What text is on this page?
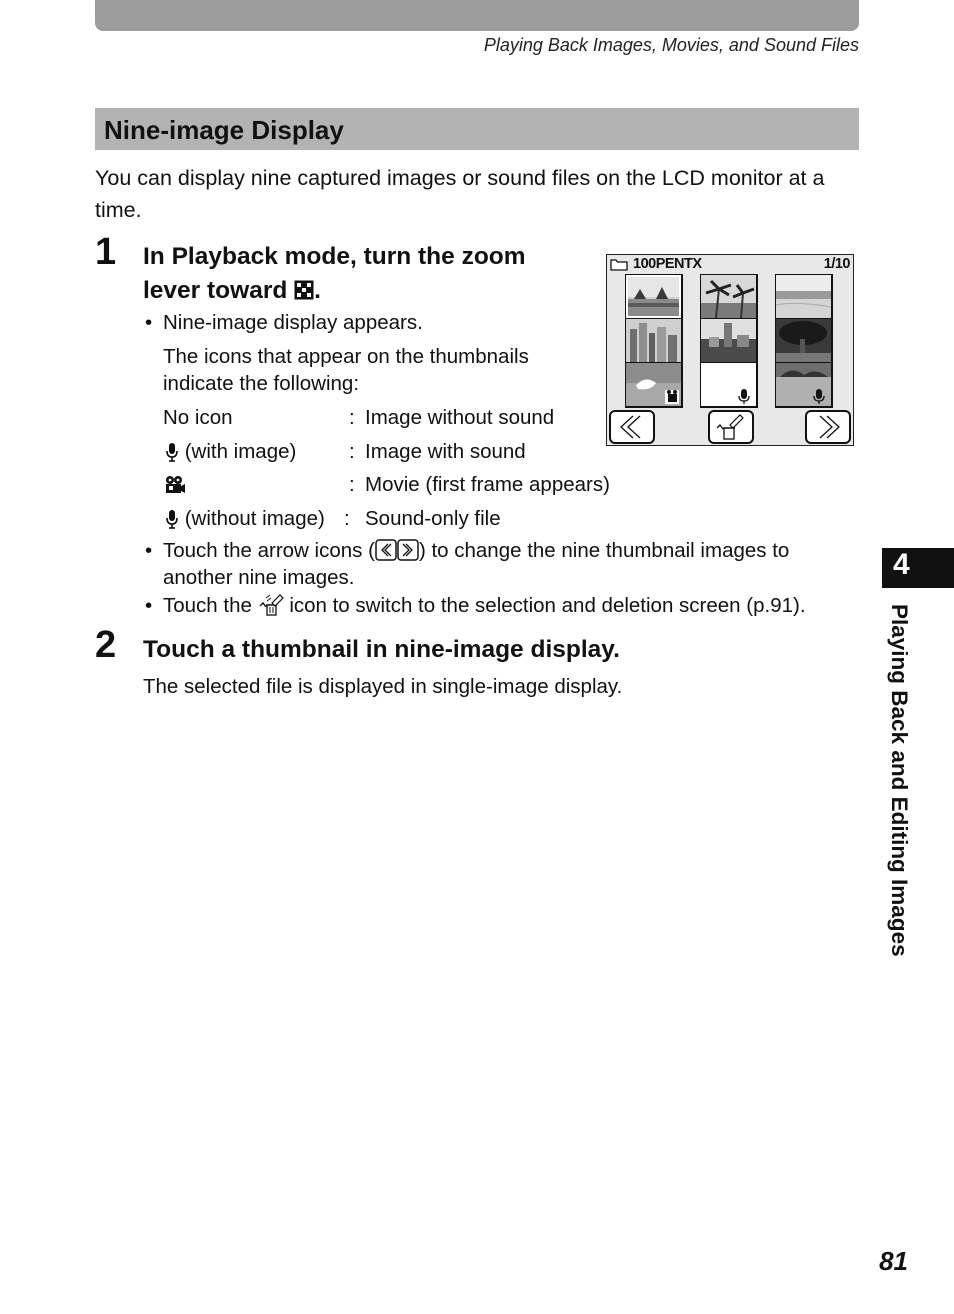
Playing Back Images, Movies, and Sound Files
Nine-image Display
You can display nine captured images or sound files on the LCD monitor at a time.
1 In Playback mode, turn the zoom
lever toward .
• Nine-image display appears.
The icons that appear on the thumbnails
indicate the following:
No icon	: Image without sound
(with image)	: Image with sound
: Movie (first frame appears)
(without image) : Sound-only file
• Touch the arrow icons ( ) to change the nine thumbnail images to
another nine images.
• Touch the icon to switch to the selection and deletion screen (p.91).
100PENTX	1/10
2 Touch a thumbnail in nine-image display.
The selected file is displayed in single-image display.
4
Playing Back and Editing Images
81
